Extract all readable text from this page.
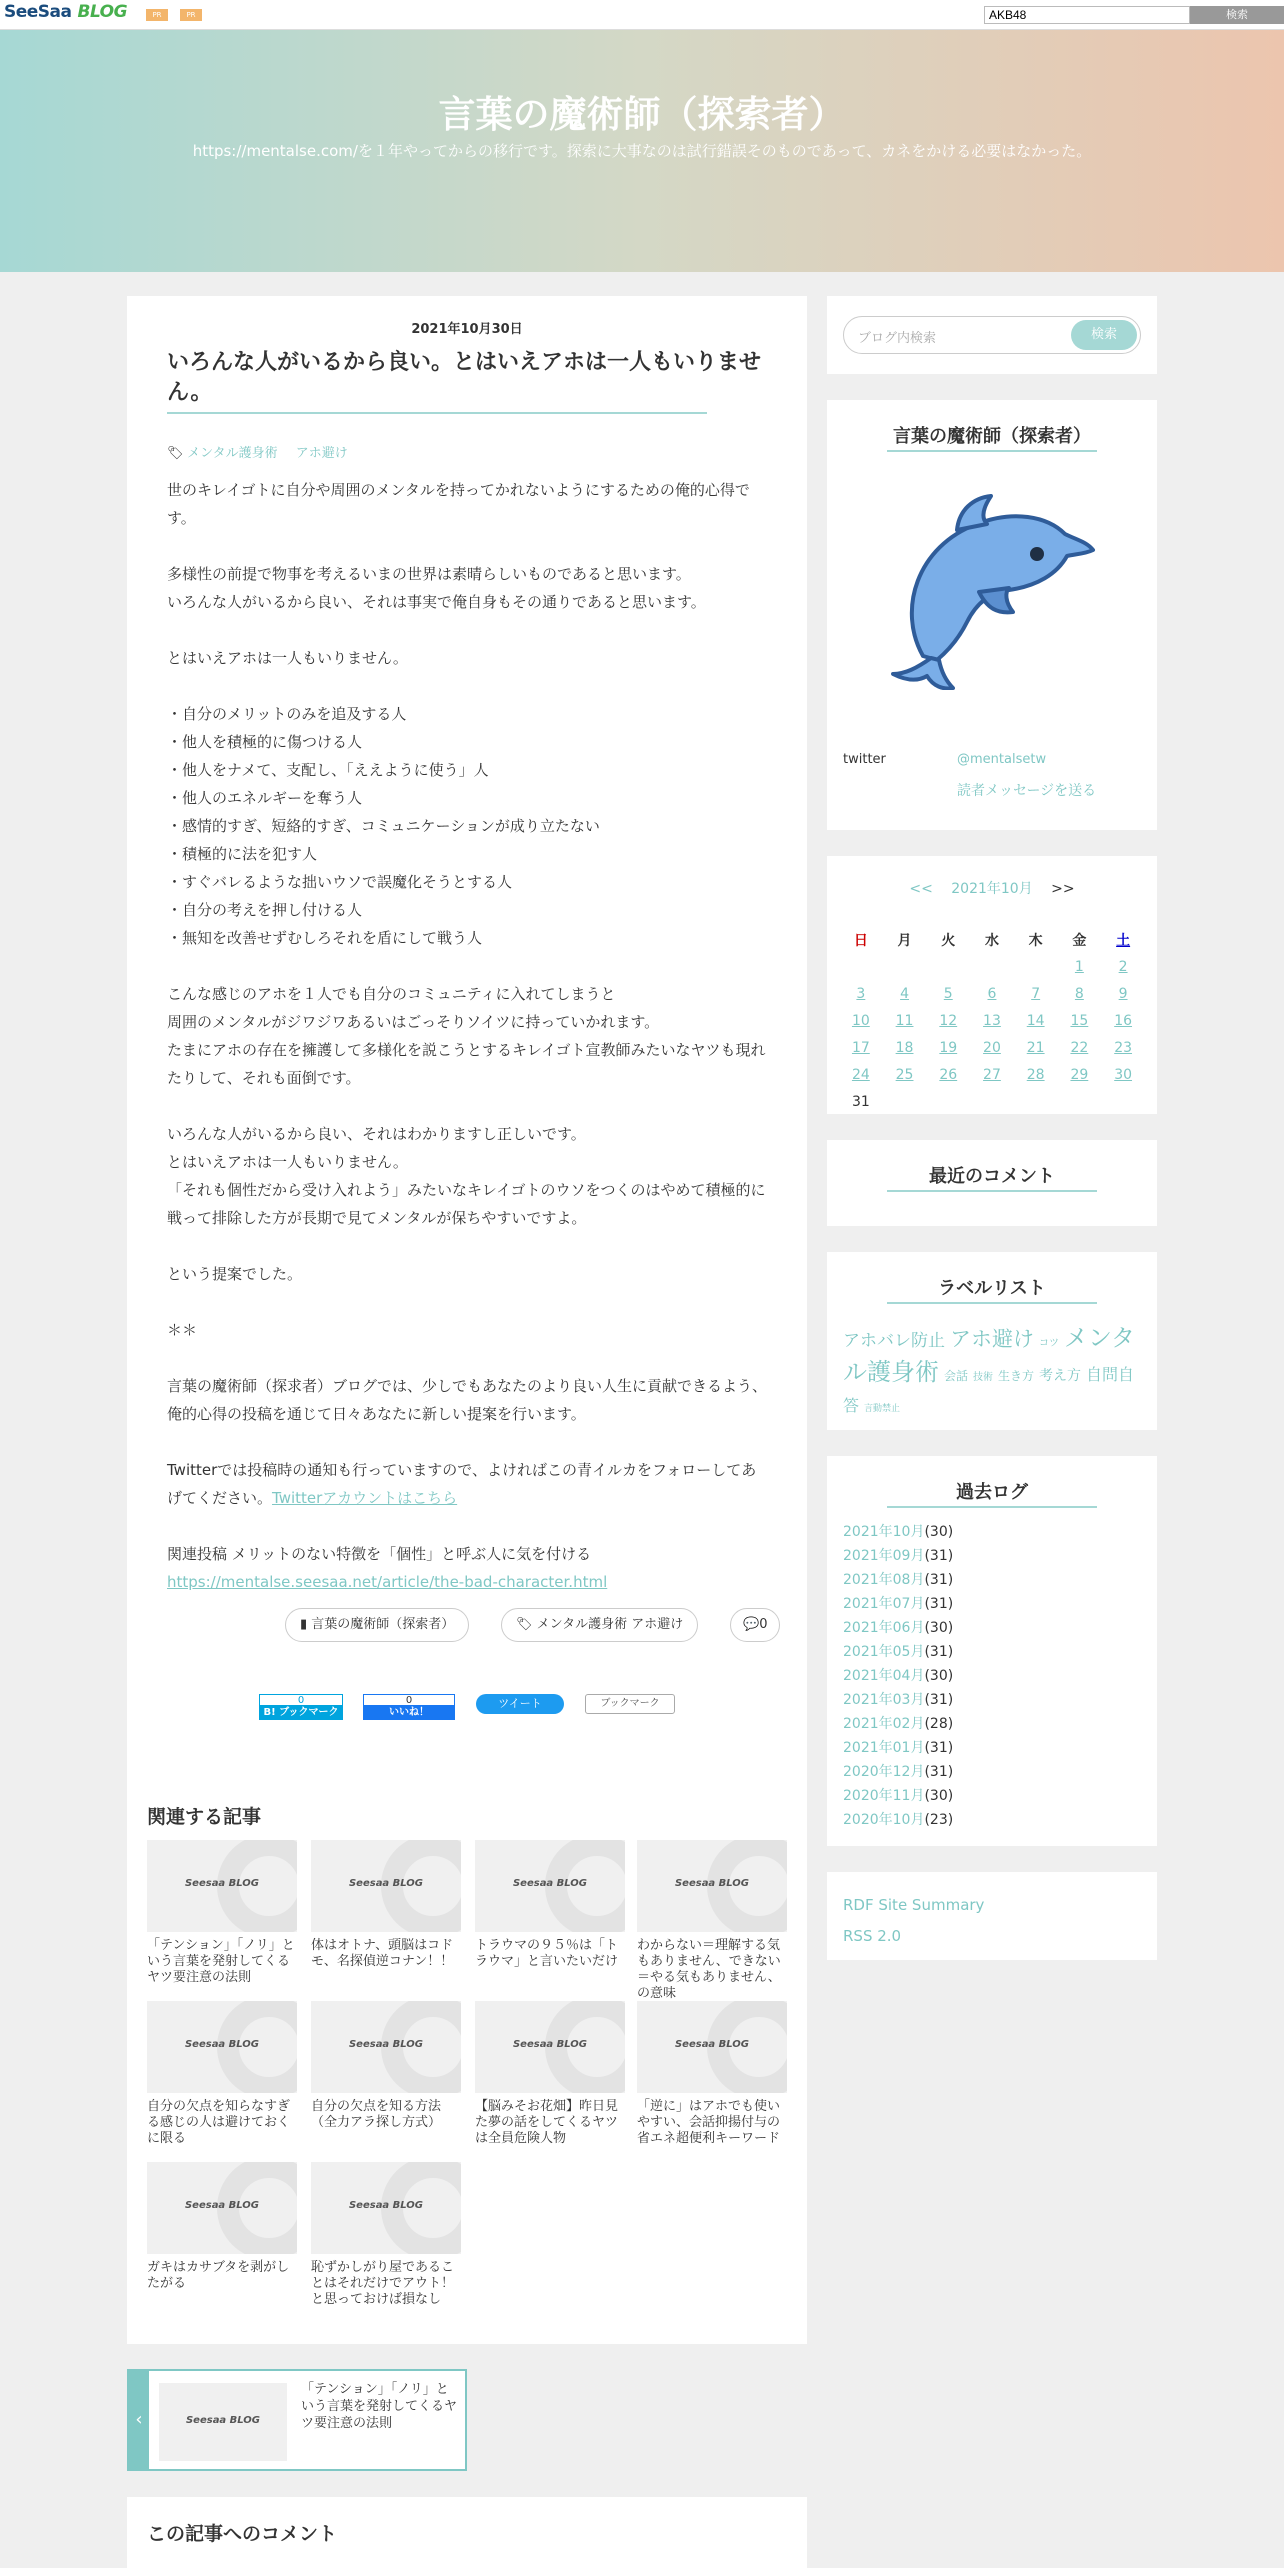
SeeSaa BLOG	PR	PR
AKB48	検索
言葉の魔術師（探索者）
https://mentalse.com/を１年やってからの移行です。探索に大事なのは試行錯誤そのものであって、カネをかける必要はなかった。
2021年10月30日
いろんな人がいるから良い。とはいえアホは一人もいりません。
🏷 メンタル護身術 アホ避け

世のキレイゴトに自分や周囲のメンタルを持ってかれないようにするための俺的心得です。

多様性の前提で物事を考えるいまの世界は素晴らしいものであると思います。
いろんな人がいるから良い、それは事実で俺自身もその通りであると思います。

とはいえアホは一人もいりません。

・自分のメリットのみを追及する人
・他人を積極的に傷つける人
・他人をナメて、支配し、「ええように使う」人
・他人のエネルギーを奪う人
・感情的すぎ、短絡的すぎ、コミュニケーションが成り立たない
・積極的に法を犯す人
・すぐバレるような拙いウソで誤魔化そうとする人
・自分の考えを押し付ける人
・無知を改善せずむしろそれを盾にして戦う人

こんな感じのアホを１人でも自分のコミュニティに入れてしまうと
周囲のメンタルがジワジワあるいはごっそりソイツに持っていかれます。
たまにアホの存在を擁護して多様化を説こうとするキレイゴト宣教師みたいなヤツも現れたりして、それも面倒です。

いろんな人がいるから良い、それはわかりますし正しいです。
とはいえアホは一人もいりません。
「それも個性だから受け入れよう」みたいなキレイゴトのウソをつくのはやめて積極的に戦って排除した方が長期で見てメンタルが保ちやすいですよ。

という提案でした。

＊＊

言葉の魔術師（探求者）ブログでは、少しでもあなたのより良い人生に貢献できるよう、俺的心得の投稿を通じて日々あなたに新しい提案を行います。

Twitterでは投稿時の通知も行っていますので、よければこの青イルカをフォローしてあげてください。Twitterアカウントはこちら

関連投稿 メリットのない特徴を「個性」と呼ぶ人に気を付ける
https://mentalse.seesaa.net/article/the-bad-character.html

▮ 言葉の魔術師（探索者）	🏷 メンタル護身術 アホ避け	💬0
0
B! ブックマーク
0
いいね！
ツイート	ブックマーク
関連する記事
Seesaa BLOG
「テンション」「ノリ」という言葉を発射してくるヤツ要注意の法則
Seesaa BLOG
体はオトナ、頭脳はコドモ、名探偵逆コナン！！
Seesaa BLOG
トラウマの９５％は「トラウマ」と言いたいだけ
Seesaa BLOG
わからない＝理解する気もありません、できない＝やる気もありません、の意味
Seesaa BLOG
自分の欠点を知らなすぎる感じの人は避けておくに限る
Seesaa BLOG
自分の欠点を知る方法（全力アラ探し方式）
Seesaa BLOG
【脳みそお花畑】昨日見た夢の話をしてくるヤツは全員危険人物
Seesaa BLOG
「逆に」はアホでも使いやすい、会話抑揚付与の省エネ超便利キーワード
Seesaa BLOG
ガキはカサブタを剥がしたがる
Seesaa BLOG
恥ずかしがり屋であることはそれだけでアウト！と思っておけば損なし
‹	Seesaa BLOG
「テンション」「ノリ」という言葉を発射してくるヤツ要注意の法則
この記事へのコメント
ブログ内検索	検索
言葉の魔術師（探索者）
twitter	@mentalsetw
読者メッセージを送る
<< 2021年10月 >>
日	月	火	水	木	金	土
					1	2
3	4	5	6	7	8	9
10	11	12	13	14	15	16
17	18	19	20	21	22	23
24	25	26	27	28	29	30
31						
最近のコメント
ラベルリスト
アホバレ防止 アホ避け コツ メンタル護身術 会話 技術 生き方 考え方 自問自答 言動禁止
過去ログ
2021年10月(30)
2021年09月(31)
2021年08月(31)
2021年07月(31)
2021年06月(30)
2021年05月(31)
2021年04月(30)
2021年03月(31)
2021年02月(28)
2021年01月(31)
2020年12月(31)
2020年11月(30)
2020年10月(23)
RDF Site Summary
RSS 2.0
